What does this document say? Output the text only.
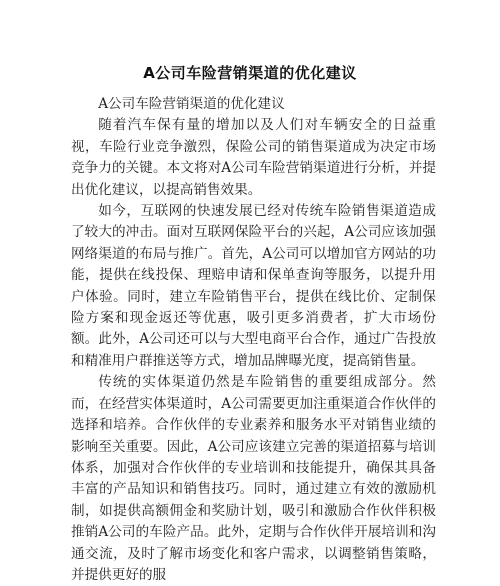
A公司车险营销渠道的优化建议

A公司车险营销渠道的优化建议

随着汽车保有量的增加以及人们对车辆安全的日益重视，车险行业竞争激烈，保险公司的销售渠道成为决定市场竞争力的关键。本文将对A公司车险营销渠道进行分析，并提出优化建议，以提高销售效果。

如今，互联网的快速发展已经对传统车险销售渠道造成了较大的冲击。面对互联网保险平台的兴起，A公司应该加强网络渠道的布局与推广。首先，A公司可以增加官方网站的功能，提供在线投保、理赔申请和保单查询等服务，以提升用户体验。同时，建立车险销售平台，提供在线比价、定制保险方案和现金返还等优惠，吸引更多消费者，扩大市场份额。此外，A公司还可以与大型电商平台合作，通过广告投放和精准用户群推送等方式，增加品牌曝光度，提高销售量。

传统的实体渠道仍然是车险销售的重要组成部分。然而，在经营实体渠道时，A公司需要更加注重渠道合作伙伴的选择和培养。合作伙伴的专业素养和服务水平对销售业绩的影响至关重要。因此，A公司应该建立完善的渠道招募与培训体系，加强对合作伙伴的专业培训和技能提升，确保其具备丰富的产品知识和销售技巧。同时，通过建立有效的激励机制，如提供高额佣金和奖励计划，吸引和激励合作伙伴积极推销A公司的车险产品。此外，定期与合作伙伴开展培训和沟通交流，及时了解市场变化和客户需求，以调整销售策略，并提供更好的服
